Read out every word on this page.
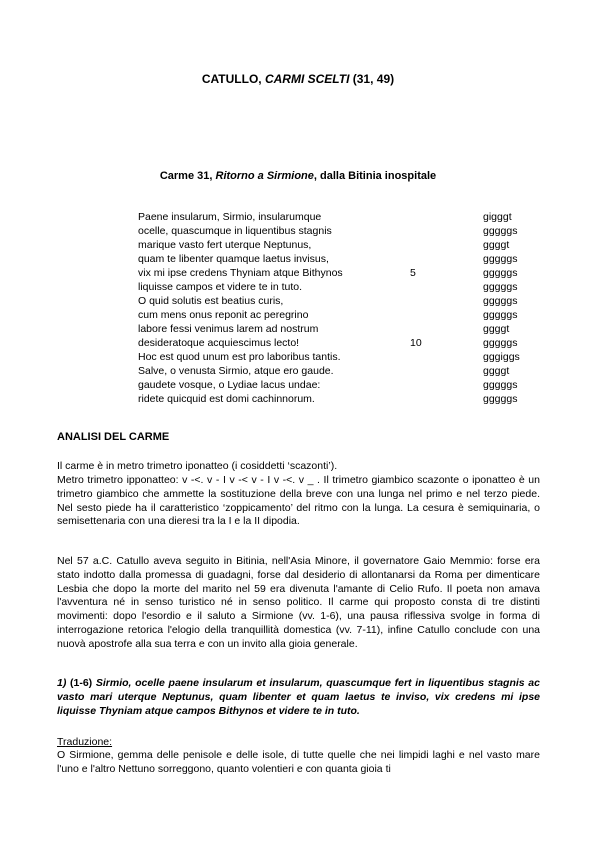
CATULLO, CARMI SCELTI (31, 49)
Carme 31, Ritorno a Sirmione, dalla Bitinia inospitale
Paene insularum, Sirmio, insularumque	gigggt
ocelle, quascumque in liquentibus stagnis	gggggs
marique vasto fert uterque Neptunus,	ggggt
quam te libenter quamque laetus invisus,	gggggs
vix mi ipse credens Thyniam atque Bithynos	5	gggggs
liquisse campos et videre te in tuto.	gggggs
O quid solutis est beatius curis,	gggggs
cum mens onus reponit ac peregrino	gggggs
labore fessi venimus larem ad nostrum	ggggt
desideratoque acquiescimus lecto!	10	gggggs
Hoc est quod unum est pro laboribus tantis.	gggiggs
Salve, o venusta Sirmio, atque ero gaude.	ggggt
gaudete vosque, o Lydiae lacus undae:	gggggs
ridete quicquid est domi cachinnorum.	gggggs
ANALISI DEL CARME
Il carme è in metro trimetro iponatteo (i cosiddetti ‘scazonti’).
Metro trimetro ipponatteo: v -<. v - I v -< v - I v -<. v _ . Il trimetro giambico scazonte o iponatteo è un trimetro giambico che ammette la sostituzione della breve con una lunga nel primo e nel terzo piede. Nel sesto piede ha il caratteristico ‘zoppicamento’ del ritmo con la lunga. La cesura è semiquinaria, o semisettenaria con una dieresi tra la I e la II dipodia.
Nel 57 a.C. Catullo aveva seguito in Bitinia, nell'Asia Minore, il governatore Gaio Memmio: forse era stato indotto dalla promessa di guadagni, forse dal desiderio di allontanarsi da Roma per dimenticare Lesbia che dopo la morte del marito nel 59 era divenuta l'amante di Celio Rufo. Il poeta non amava l'avventura né in senso turistico né in senso politico. Il carme qui proposto consta di tre distinti movimenti: dopo l'esordio e il saluto a Sirmione (vv. 1-6), una pausa riflessiva svolge in forma di interrogazione retorica l'elogio della tranquillità domestica (vv. 7-11), infine Catullo conclude con una nuovà apostrofe alla sua terra e con un invito alla gioia generale.
1) (1-6) Sirmio, ocelle paene insularum et insularum, quascumque fert in liquentibus stagnis ac vasto mari uterque Neptunus, quam libenter et quam laetus te inviso, vix credens mi ipse liquisse Thyniam atque campos Bithynos et videre te in tuto.
Traduzione:
O Sirmione, gemma delle penisole e delle isole, di tutte quelle che nei limpidi laghi e nel vasto mare l'uno e l'altro Nettuno sorreggono, quanto volentieri e con quanta gioia ti
